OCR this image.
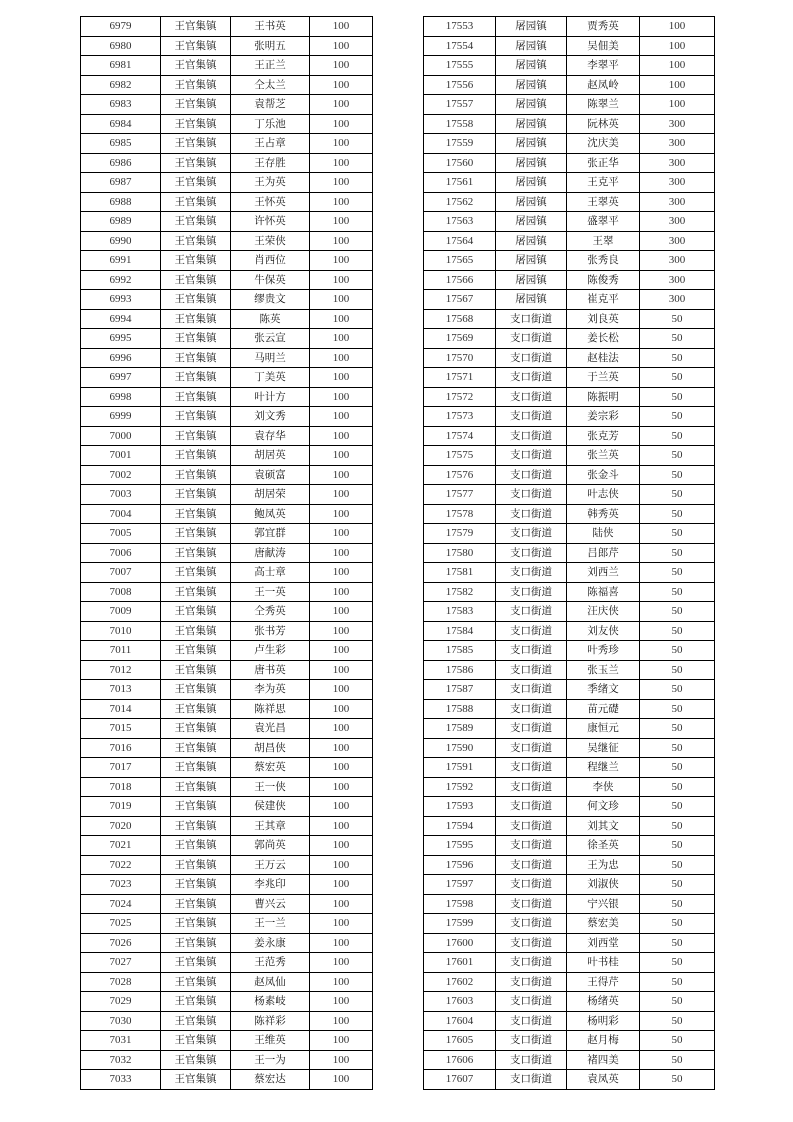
6979	王官集镇	王书英	100
6980	王官集镇	张明五	100
6981	王官集镇	王正兰	100
6982	王官集镇	仝太兰	100
6983	王官集镇	袁帮芝	100
6984	王官集镇	丁乐池	100
6985	王官集镇	王占章	100
6986	王官集镇	王存胜	100
6987	王官集镇	王为英	100
6988	王官集镇	王怀英	100
6989	王官集镇	许怀英	100
6990	王官集镇	王荣侠	100
6991	王官集镇	肖西位	100
6992	王官集镇	牛保英	100
6993	王官集镇	缪贵文	100
6994	王官集镇	陈英	100
6995	王官集镇	张云宣	100
6996	王官集镇	马明兰	100
6997	王官集镇	丁美英	100
6998	王官集镇	叶计方	100
6999	王官集镇	刘文秀	100
7000	王官集镇	袁存华	100
7001	王官集镇	胡居英	100
7002	王官集镇	袁硕富	100
7003	王官集镇	胡居荣	100
7004	王官集镇	鲍凤英	100
7005	王官集镇	郭宜群	100
7006	王官集镇	唐献涛	100
7007	王官集镇	高士章	100
7008	王官集镇	王一英	100
7009	王官集镇	仝秀英	100
7010	王官集镇	张书芳	100
7011	王官集镇	卢生彩	100
7012	王官集镇	唐书英	100
7013	王官集镇	李为英	100
7014	王官集镇	陈祥思	100
7015	王官集镇	袁光昌	100
7016	王官集镇	胡昌侠	100
7017	王官集镇	蔡宏英	100
7018	王官集镇	王一侠	100
7019	王官集镇	侯建侠	100
7020	王官集镇	王其章	100
7021	王官集镇	郭尚英	100
7022	王官集镇	王万云	100
7023	王官集镇	李兆印	100
7024	王官集镇	曹兴云	100
7025	王官集镇	王一兰	100
7026	王官集镇	姜永康	100
7027	王官集镇	王范秀	100
7028	王官集镇	赵凤仙	100
7029	王官集镇	杨素岐	100
7030	王官集镇	陈祥彩	100
7031	王官集镇	王维英	100
7032	王官集镇	王一为	100
7033	王官集镇	蔡宏达	100
17553	屠园镇	贾秀英	100
17554	屠园镇	吴佃美	100
17555	屠园镇	李翠平	100
17556	屠园镇	赵凤岭	100
17557	屠园镇	陈翠兰	100
17558	屠园镇	阮林英	300
17559	屠园镇	沈庆美	300
17560	屠园镇	张正华	300
17561	屠园镇	王克平	300
17562	屠园镇	王翠英	300
17563	屠园镇	盛翠平	300
17564	屠园镇	王翠	300
17565	屠园镇	张秀良	300
17566	屠园镇	陈俊秀	300
17567	屠园镇	崔克平	300
17568	支口街道	刘良英	50
17569	支口街道	姜长松	50
17570	支口街道	赵桂法	50
17571	支口街道	于兰英	50
17572	支口街道	陈振明	50
17573	支口街道	姜宗彩	50
17574	支口街道	张克芳	50
17575	支口街道	张兰英	50
17576	支口街道	张金斗	50
17577	支口街道	叶志侠	50
17578	支口街道	韩秀英	50
17579	支口街道	陆侠	50
17580	支口街道	吕郎芹	50
17581	支口街道	刘西兰	50
17582	支口街道	陈福喜	50
17583	支口街道	汪庆侠	50
17584	支口街道	刘友侠	50
17585	支口街道	叶秀珍	50
17586	支口街道	张玉兰	50
17587	支口街道	季绪文	50
17588	支口街道	苗元礎	50
17589	支口街道	康恒元	50
17590	支口街道	吴继征	50
17591	支口街道	程继兰	50
17592	支口街道	李侠	50
17593	支口街道	何文珍	50
17594	支口街道	刘其文	50
17595	支口街道	徐圣英	50
17596	支口街道	王为忠	50
17597	支口街道	刘淑侠	50
17598	支口街道	宁兴银	50
17599	支口街道	蔡宏美	50
17600	支口街道	刘西堂	50
17601	支口街道	叶书桂	50
17602	支口街道	王得芹	50
17603	支口街道	杨绪英	50
17604	支口街道	杨明彩	50
17605	支口街道	赵月梅	50
17606	支口街道	褚四美	50
17607	支口街道	袁凤英	50
